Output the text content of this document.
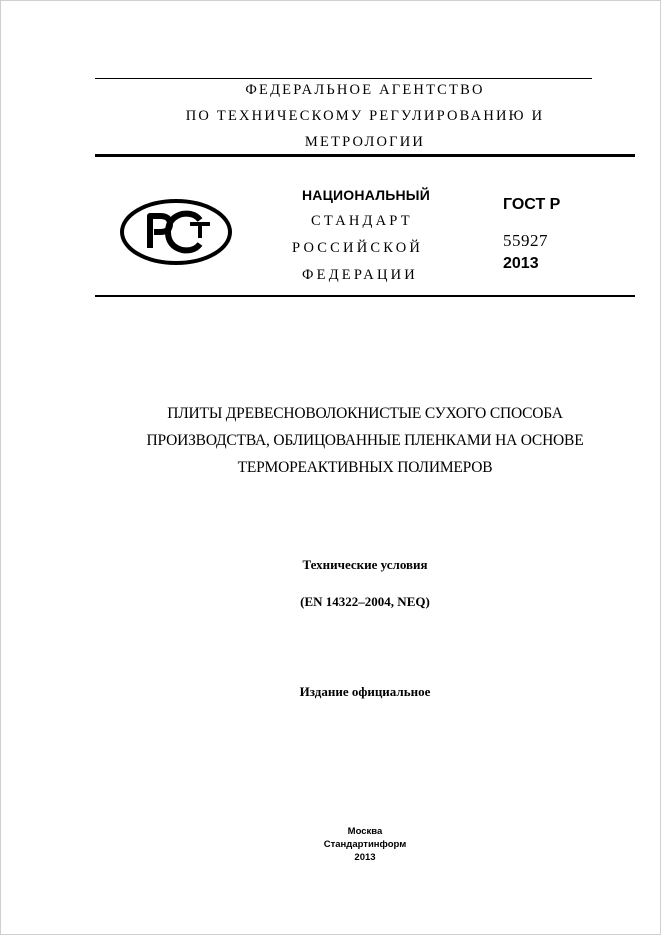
ФЕДЕРАЛЬНОЕ АГЕНТСТВО
ПО ТЕХНИЧЕСКОМУ РЕГУЛИРОВАНИЮ И
МЕТРОЛОГИИ
НАЦИОНАЛЬНЫЙ
СТАНДАРТ
РОССИЙСКОЙ
ФЕДЕРАЦИИ
ГОСТ Р
55927
2013
ПЛИТЫ ДРЕВЕСНОВОЛОКНИСТЫЕ СУХОГО СПОСОБА
ПРОИЗВОДСТВА, ОБЛИЦОВАННЫЕ ПЛЕНКАМИ НА ОСНОВЕ
ТЕРМОРЕАКТИВНЫХ ПОЛИМЕРОВ
Технические условия
(EN 14322–2004, NEQ)
Издание официальное
Москва
Стандартинформ
2013
